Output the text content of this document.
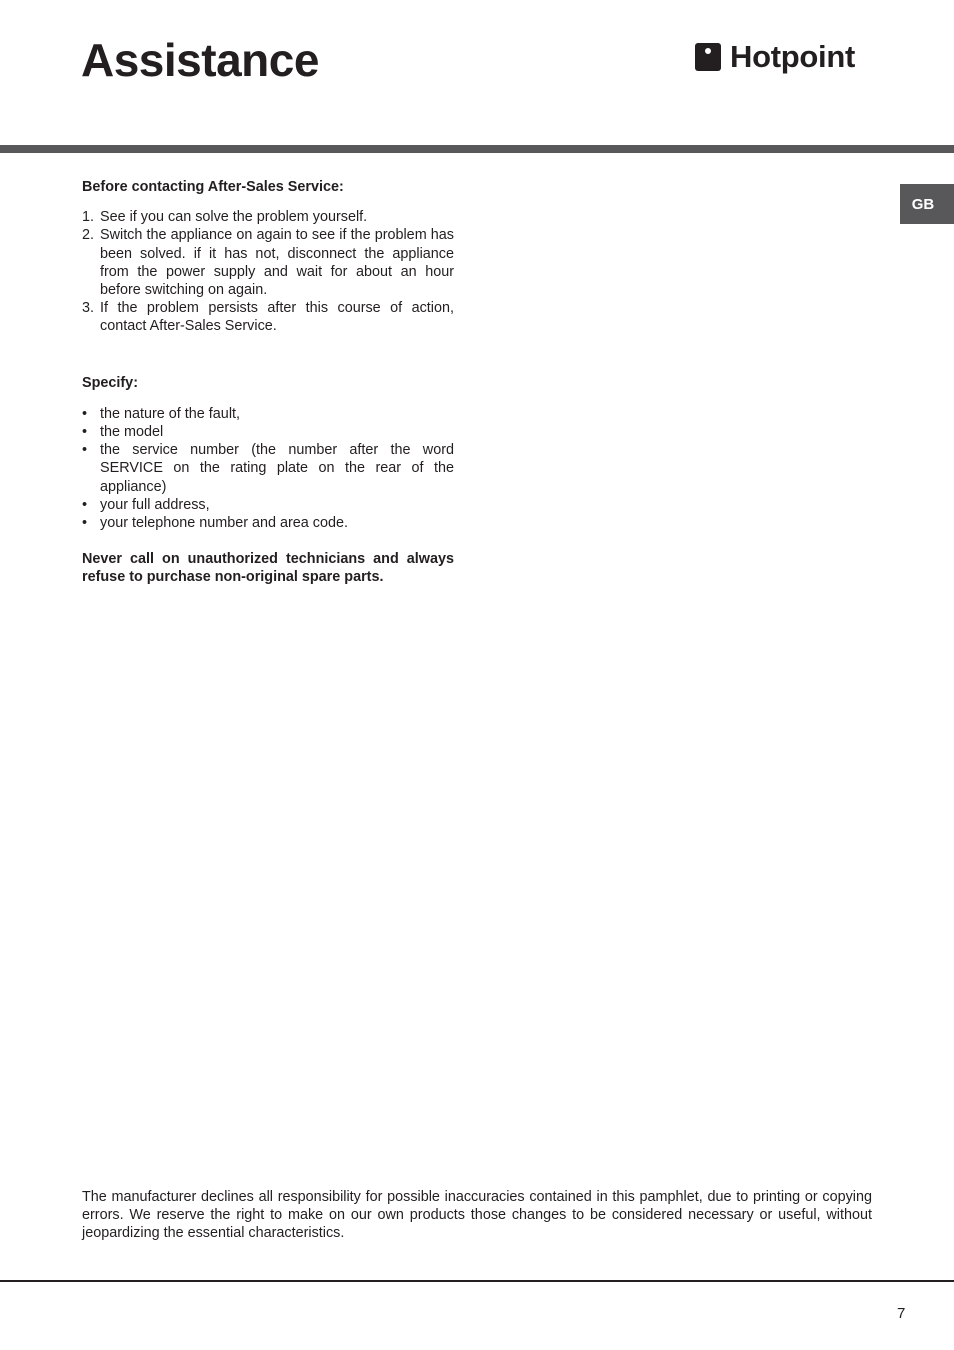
Assistance	Hotpoint
GB

Before contacting After-Sales Service:

1. See if you can solve the problem yourself.
2. Switch the appliance on again to see if the problem has been solved. if it has not, disconnect the appliance from the power supply and wait for about an hour before switching on again.
3. If the problem persists after this course of action, contact After-Sales Service.

Specify:

• the nature of the fault,
• the model
• the service number (the number after the word SERVICE on the rating plate on the rear of the appliance)
• your full address,
• your telephone number and area code.

Never call on unauthorized technicians and always refuse to purchase non-original spare parts.

The manufacturer declines all responsibility for possible inaccuracies contained in this pamphlet, due to printing or copying errors. We reserve the right to make on our own products those changes to be considered necessary or useful, without jeopardizing the essential characteristics.

7
